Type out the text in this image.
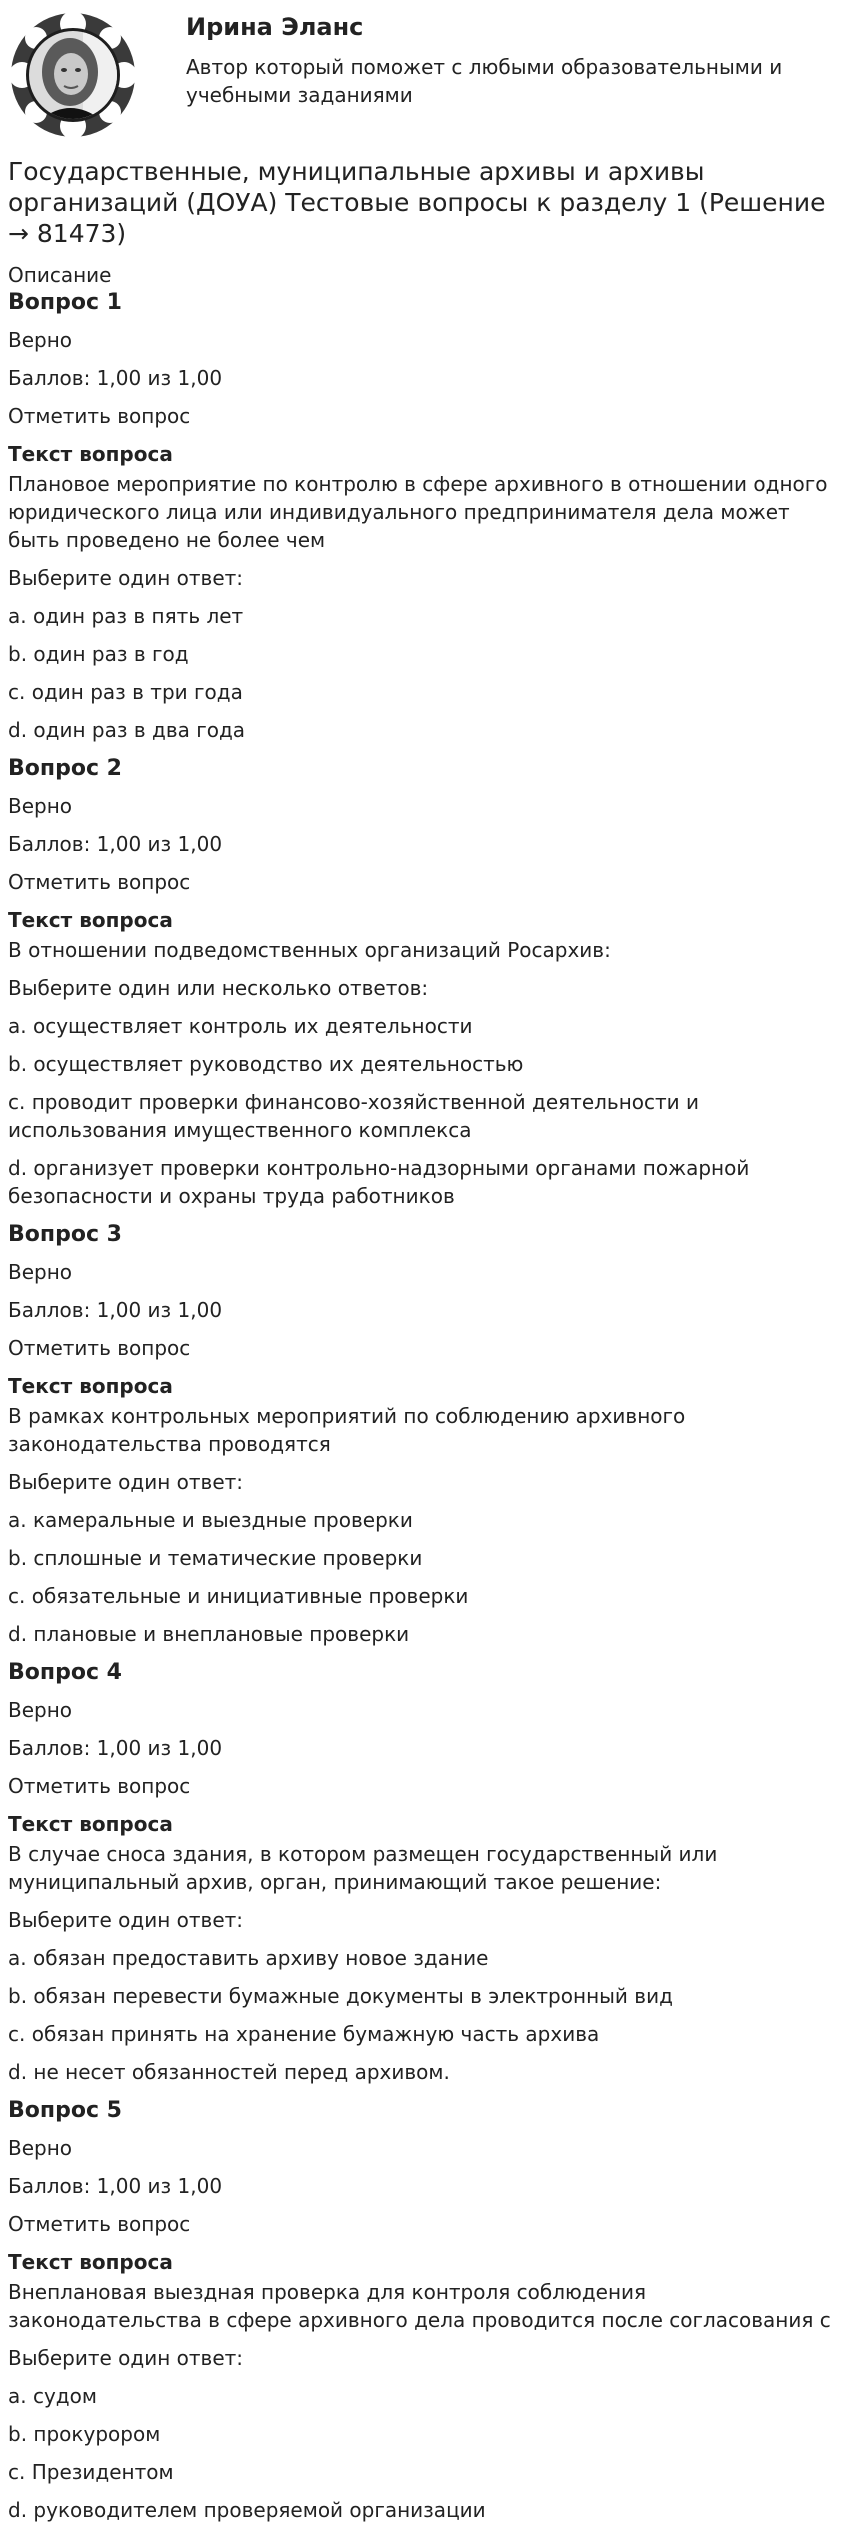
Ирина Эланс
Автор который поможет с любыми образовательными и учебными заданиями
Государственные, муниципальные архивы и архивы организаций (ДОУА) Тестовые вопросы к разделу 1 (Решение → 81473)
Описание
Вопрос 1
Верно
Баллов: 1,00 из 1,00
Отметить вопрос
Текст вопроса
Плановое мероприятие по контролю в сфере архивного в отношении одного юридического лица или индивидуального предпринимателя дела может быть проведено не более чем
Выберите один ответ:
a. один раз в пять лет
b. один раз в год
c. один раз в три года
d. один раз в два года
Вопрос 2
Верно
Баллов: 1,00 из 1,00
Отметить вопрос
Текст вопроса
В отношении подведомственных организаций Росархив:
Выберите один или несколько ответов:
a. осуществляет контроль их деятельности
b. осуществляет руководство их деятельностью
c. проводит проверки финансово-хозяйственной деятельности и использования имущественного комплекса
d. организует проверки контрольно-надзорными органами пожарной безопасности и охраны труда работников
Вопрос 3
Верно
Баллов: 1,00 из 1,00
Отметить вопрос
Текст вопроса
В рамках контрольных мероприятий по соблюдению архивного законодательства проводятся
Выберите один ответ:
a. камеральные и выездные проверки
b. сплошные и тематические проверки
c. обязательные и инициативные проверки
d. плановые и внеплановые проверки
Вопрос 4
Верно
Баллов: 1,00 из 1,00
Отметить вопрос
Текст вопроса
В случае сноса здания, в котором размещен государственный или муниципальный архив, орган, принимающий такое решение:
Выберите один ответ:
a. обязан предоставить архиву новое здание
b. обязан перевести бумажные документы в электронный вид
c. обязан принять на хранение бумажную часть архива
d. не несет обязанностей перед архивом.
Вопрос 5
Верно
Баллов: 1,00 из 1,00
Отметить вопрос
Текст вопроса
Внеплановая выездная проверка для контроля соблюдения законодательства в сфере архивного дела проводится после согласования с
Выберите один ответ:
a. судом
b. прокурором
c. Президентом
d. руководителем проверяемой организации
